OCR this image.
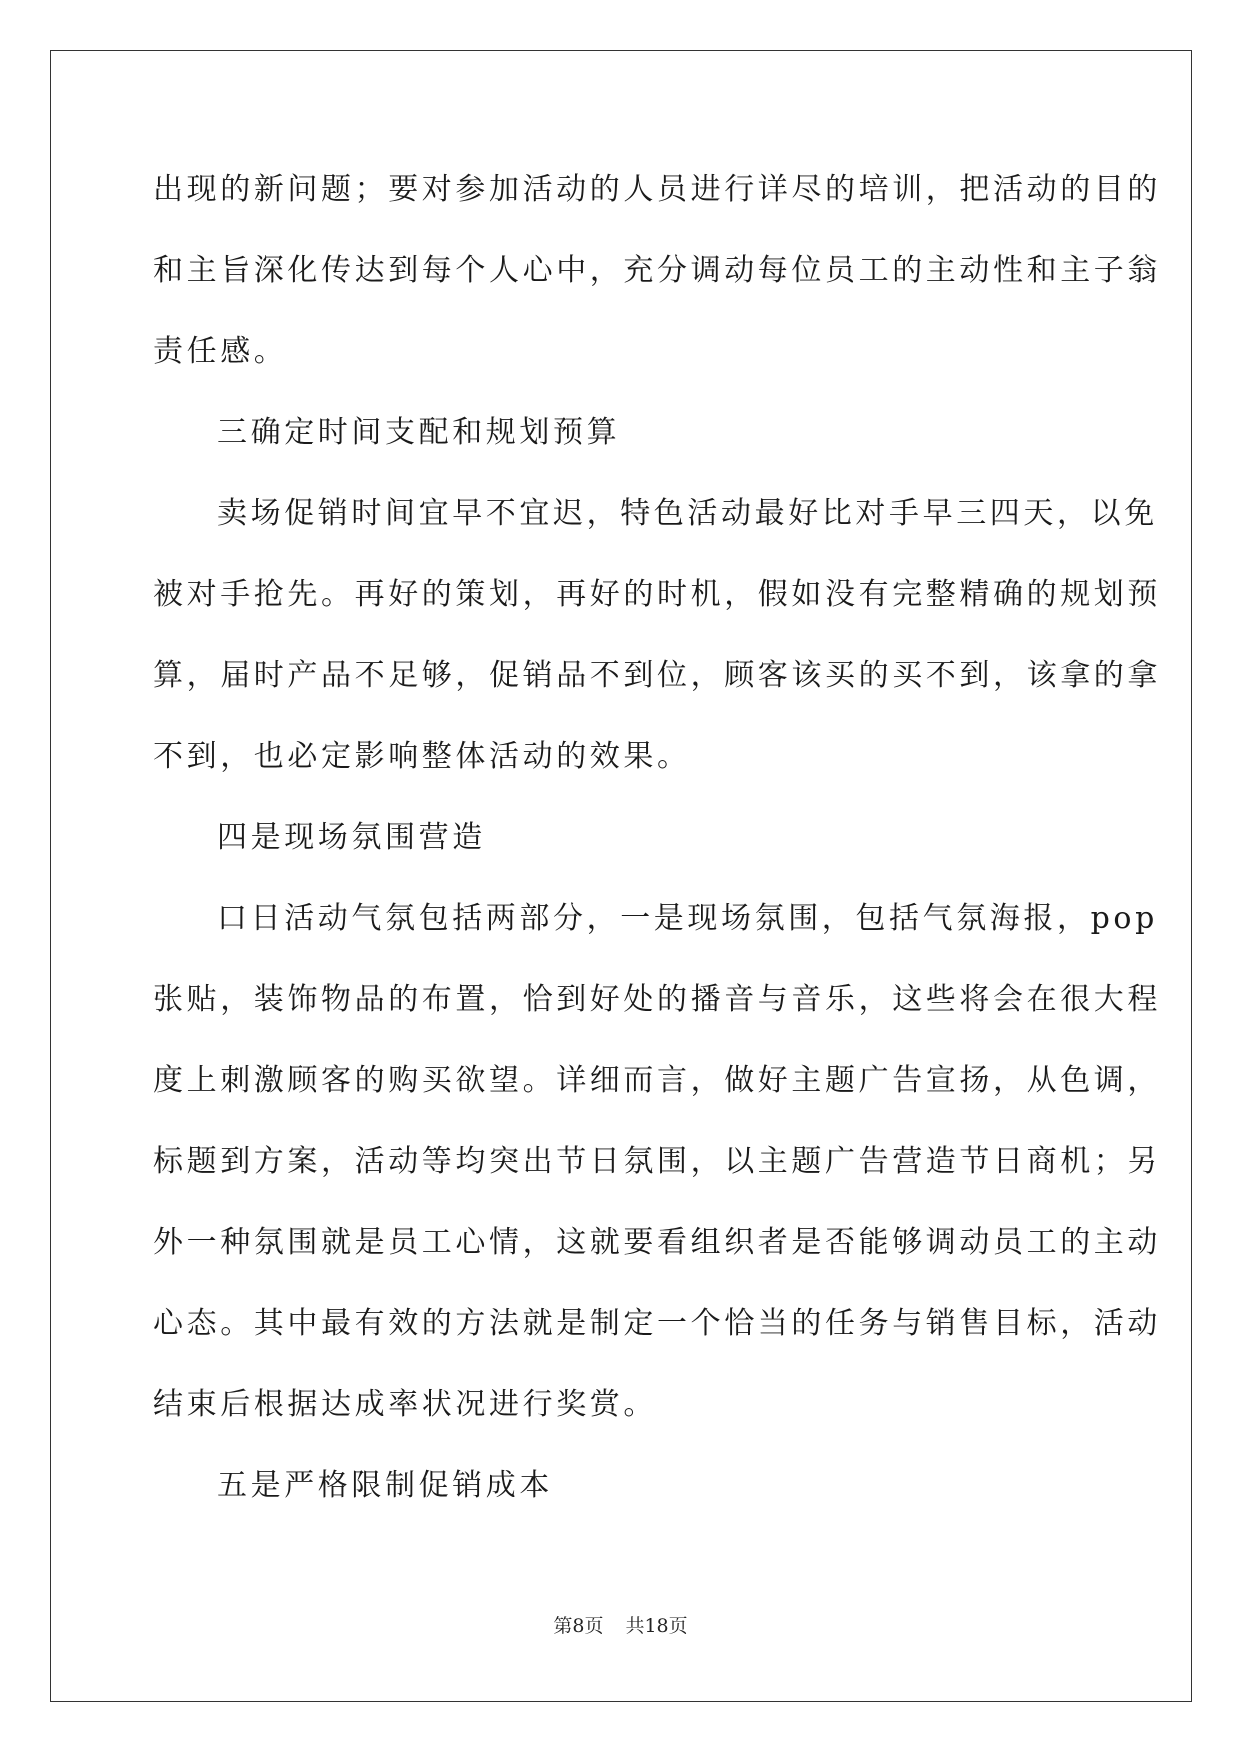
出现的新问题；要对参加活动的人员进行详尽的培训，把活动的目的
和主旨深化传达到每个人心中，充分调动每位员工的主动性和主子翁
责任感。
三确定时间支配和规划预算
卖场促销时间宜早不宜迟，特色活动最好比对手早三四天，以免
被对手抢先。再好的策划，再好的时机，假如没有完整精确的规划预
算，届时产品不足够，促销品不到位，顾客该买的买不到，该拿的拿
不到，也必定影响整体活动的效果。
四是现场氛围营造
口日活动气氛包括两部分，一是现场氛围，包括气氛海报，pop
张贴，装饰物品的布置，恰到好处的播音与音乐，这些将会在很大程
度上刺激顾客的购买欲望。详细而言，做好主题广告宣扬，从色调，
标题到方案，活动等均突出节日氛围，以主题广告营造节日商机；另
外一种氛围就是员工心情，这就要看组织者是否能够调动员工的主动
心态。其中最有效的方法就是制定一个恰当的任务与销售目标，活动
结束后根据达成率状况进行奖赏。
五是严格限制促销成本
第8页 共18页
